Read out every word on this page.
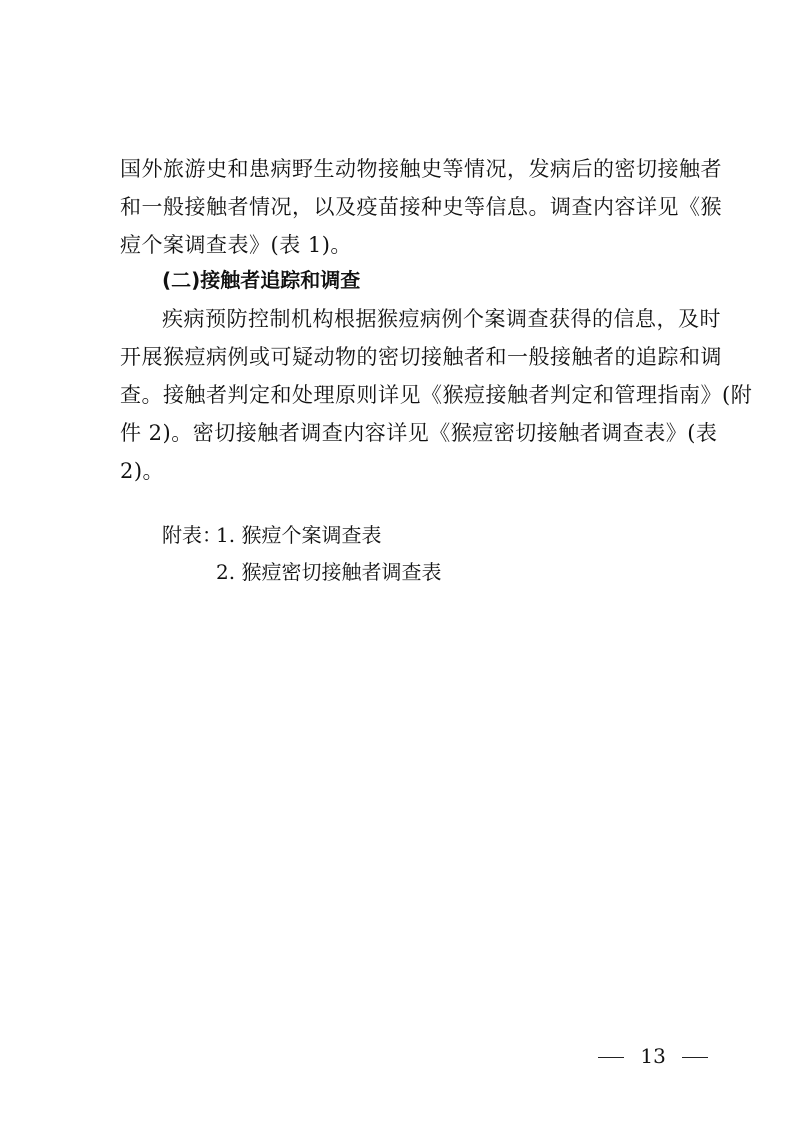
国外旅游史和患病野生动物接触史等情况，发病后的密切接触者
和一般接触者情况，以及疫苗接种史等信息。调查内容详见《猴
痘个案调查表》(表 1)。
(二)接触者追踪和调查
疾病预防控制机构根据猴痘病例个案调查获得的信息，及时
开展猴痘病例或可疑动物的密切接触者和一般接触者的追踪和调
查。接触者判定和处理原则详见《猴痘接触者判定和管理指南》(附
件 2)。密切接触者调查内容详见《猴痘密切接触者调查表》(表
2)。
附表：
1. 猴痘个案调查表
2. 猴痘密切接触者调查表
13
